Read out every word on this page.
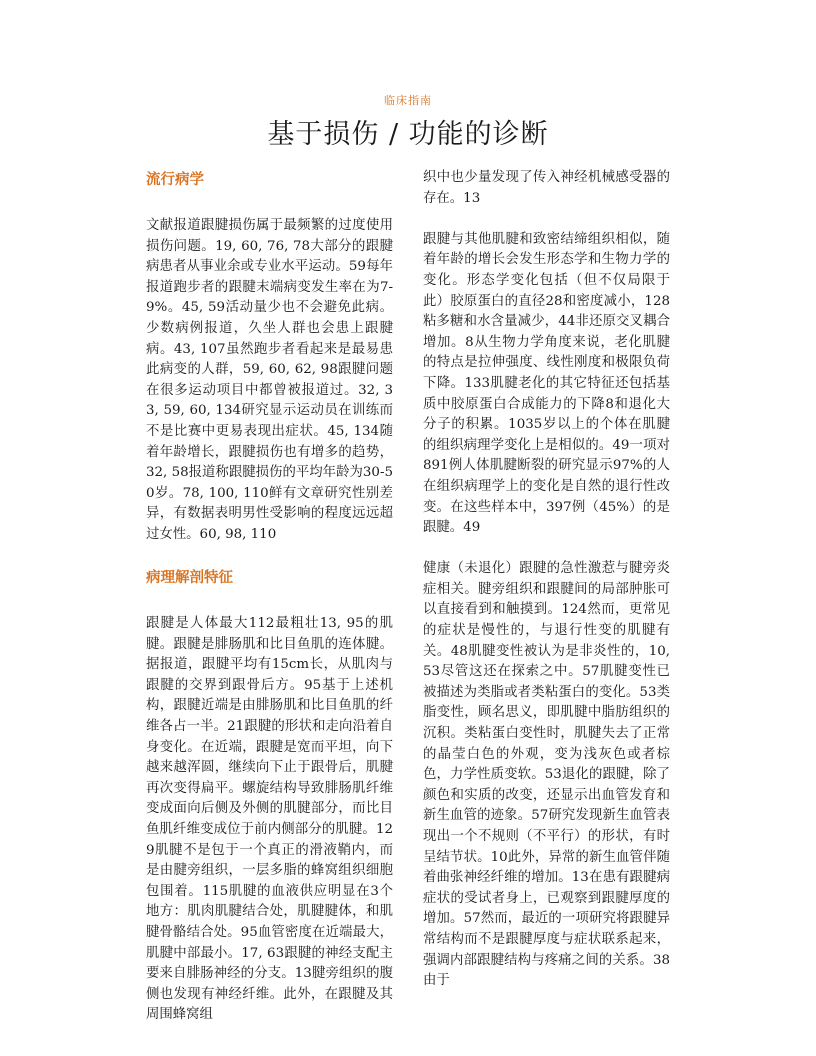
临床指南
基于损伤 / 功能的诊断
流行病学

文献报道跟腱损伤属于最频繁的过度使用损伤问题。19, 60, 76, 78大部分的跟腱病患者从事业余或专业水平运动。59每年报道跑步者的跟腱末端病变发生率在为7-9%。45, 59活动量少也不会避免此病。少数病例报道，久坐人群也会患上跟腱病。43, 107虽然跑步者看起来是最易患此病变的人群，59, 60, 62, 98跟腱问题在很多运动项目中都曾被报道过。32, 33, 59, 60, 134研究显示运动员在训练而不是比赛中更易表现出症状。45, 134随着年龄增长，跟腱损伤也有增多的趋势，32, 58报道称跟腱损伤的平均年龄为30-50岁。78, 100, 110鲜有文章研究性别差异，有数据表明男性受影响的程度远远超过女性。60, 98, 110

病理解剖特征

跟腱是人体最大112最粗壮13, 95的肌腱。跟腱是腓肠肌和比目鱼肌的连体腱。据报道，跟腱平均有15cm长，从肌肉与跟腱的交界到跟骨后方。95基于上述机构，跟腱近端是由腓肠肌和比目鱼肌的纤维各占一半。21跟腱的形状和走向沿着自身变化。在近端，跟腱是宽而平坦，向下越来越浑圆，继续向下止于跟骨后，肌腱再次变得扁平。螺旋结构导致腓肠肌纤维变成面向后侧及外侧的肌腱部分，而比目鱼肌纤维变成位于前内侧部分的肌腱。129肌腱不是包于一个真正的滑液鞘内，而是由腱旁组织，一层多脂的蜂窝组织细胞包围着。115肌腱的血液供应明显在3个地方：肌肉肌腱结合处，肌腱腱体，和肌腱骨骼结合处。95血管密度在近端最大，肌腱中部最小。17, 63跟腱的神经支配主要来自腓肠神经的分支。13腱旁组织的腹侧也发现有神经纤维。此外，在跟腱及其周围蜂窝组

织中也少量发现了传入神经机械感受器的存在。13

跟腱与其他肌腱和致密结缔组织相似，随着年龄的增长会发生形态学和生物力学的变化。形态学变化包括（但不仅局限于此）胶原蛋白的直径28和密度减小，128粘多糖和水含量减少，44非还原交叉耦合增加。8从生物力学角度来说，老化肌腱的特点是拉伸强度、线性刚度和极限负荷下降。133肌腱老化的其它特征还包括基质中胶原蛋白合成能力的下降8和退化大分子的积累。1035岁以上的个体在肌腱的组织病理学变化上是相似的。49一项对891例人体肌腱断裂的研究显示97%的人在组织病理学上的变化是自然的退行性改变。在这些样本中，397例（45%）的是跟腱。49

健康（未退化）跟腱的急性激惹与腱旁炎症相关。腱旁组织和跟腱间的局部肿胀可以直接看到和触摸到。124然而，更常见的症状是慢性的，与退行性变的肌腱有关。48肌腱变性被认为是非炎性的，10, 53尽管这还在探索之中。57肌腱变性已被描述为类脂或者类粘蛋白的变化。53类脂变性，顾名思义，即肌腱中脂肪组织的沉积。类粘蛋白变性时，肌腱失去了正常的晶莹白色的外观，变为浅灰色或者棕色，力学性质变软。53退化的跟腱，除了颜色和实质的改变，还显示出血管发育和新生血管的迹象。57研究发现新生血管表现出一个不规则（不平行）的形状，有时呈结节状。10此外，异常的新生血管伴随着曲张神经纤维的增加。13在患有跟腱病症状的受试者身上，已观察到跟腱厚度的增加。57然而，最近的一项研究将跟腱异常结构而不是跟腱厚度与症状联系起来，强调内部跟腱结构与疼痛之间的关系。38由于
